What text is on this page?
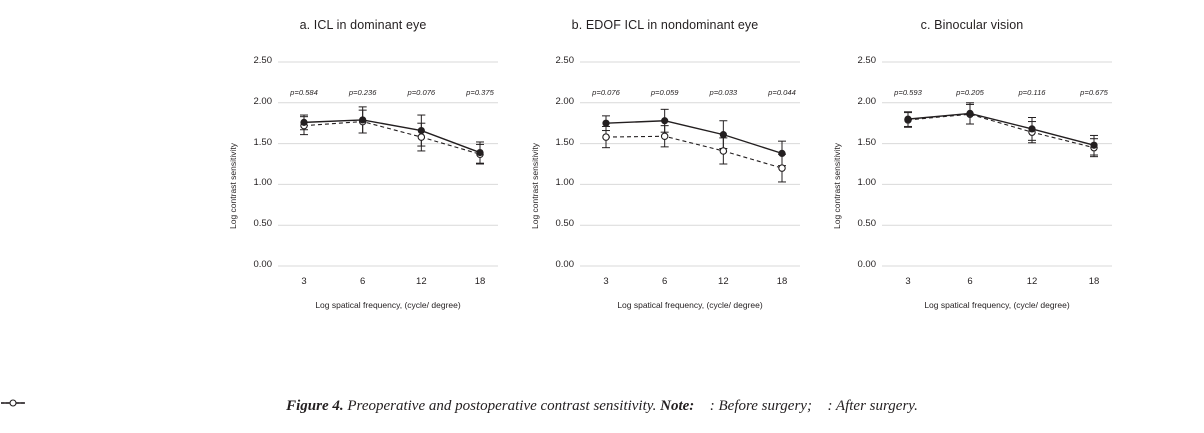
a. ICL in dominant eye
0.00
0.50
1.00
1.50
2.00
2.50
3	6	12	18
p=0.584	p=0.236	p=0.076	p=0.375
Log contrast sensitivity
Log spatical frequency, (cycle/ degree)
b. EDOF ICL in nondominant eye
0.00
0.50
1.00
1.50
2.00
2.50
3	6	12	18
p=0.076	p=0.059	p=0.033	p=0.044
Log contrast sensitivity
Log spatical frequency, (cycle/ degree)
c. Binocular vision
0.00
0.50
1.00
1.50
2.00
2.50
3	6	12	18
p=0.593	p=0.205	p=0.116	p=0.675
Log contrast sensitivity
Log spatical frequency, (cycle/ degree)
Figure 4. Preoperative and postoperative contrast sensitivity. Note: : Before surgery; : After surgery.
